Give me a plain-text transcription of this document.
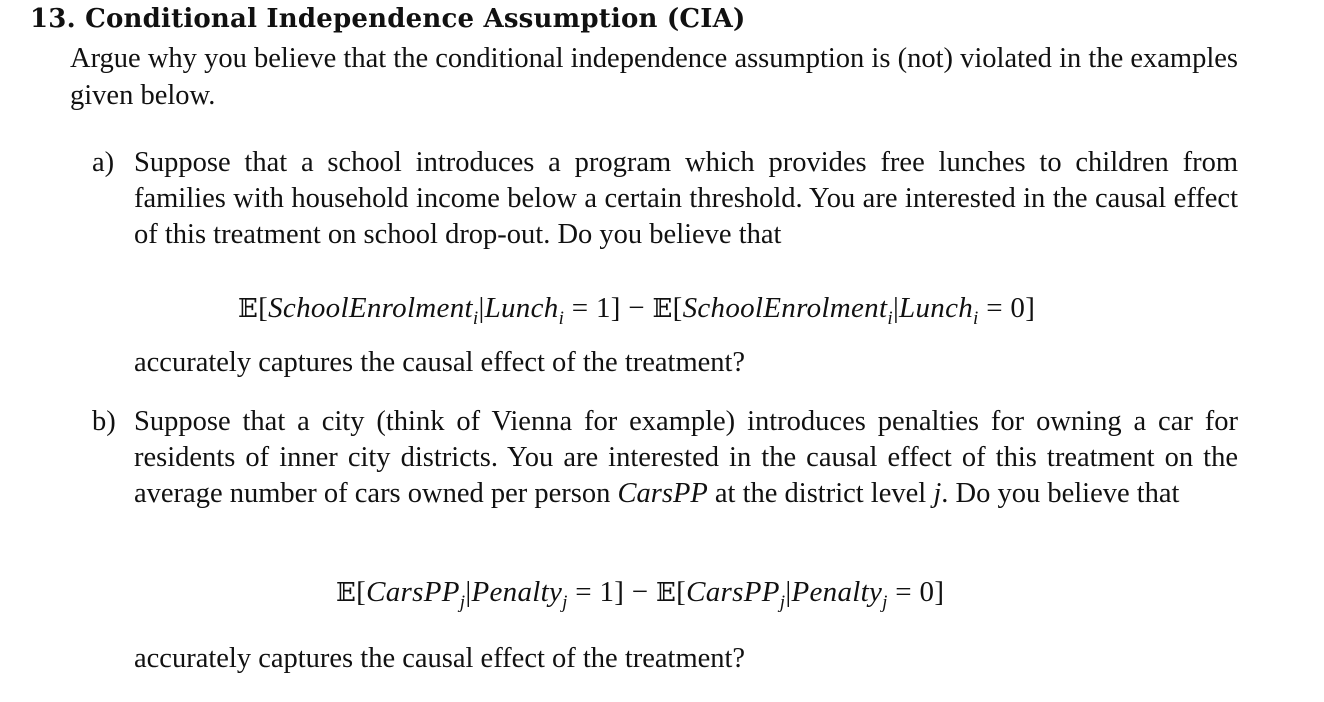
13. Conditional Independence Assumption (CIA)
Argue why you believe that the conditional independence assumption is (not) violated in the examples given below.
a) Suppose that a school introduces a program which provides free lunches to children from families with household income below a certain threshold. You are interested in the causal effect of this treatment on school drop-out. Do you believe that
𝔼[SchoolEnrolment$_i$|Lunch$_i$ = 1] − 𝔼[SchoolEnrolment$_i$|Lunch$_i$ = 0]
accurately captures the causal effect of the treatment?
b) Suppose that a city (think of Vienna for example) introduces penalties for owning a car for residents of inner city districts. You are interested in the causal effect of this treatment on the average number of cars owned per person CarsPP at the district level j. Do you believe that
𝔼[CarsPP$_j$|Penalty$_j$ = 1] − 𝔼[CarsPP$_j$|Penalty$_j$ = 0]
accurately captures the causal effect of the treatment?
